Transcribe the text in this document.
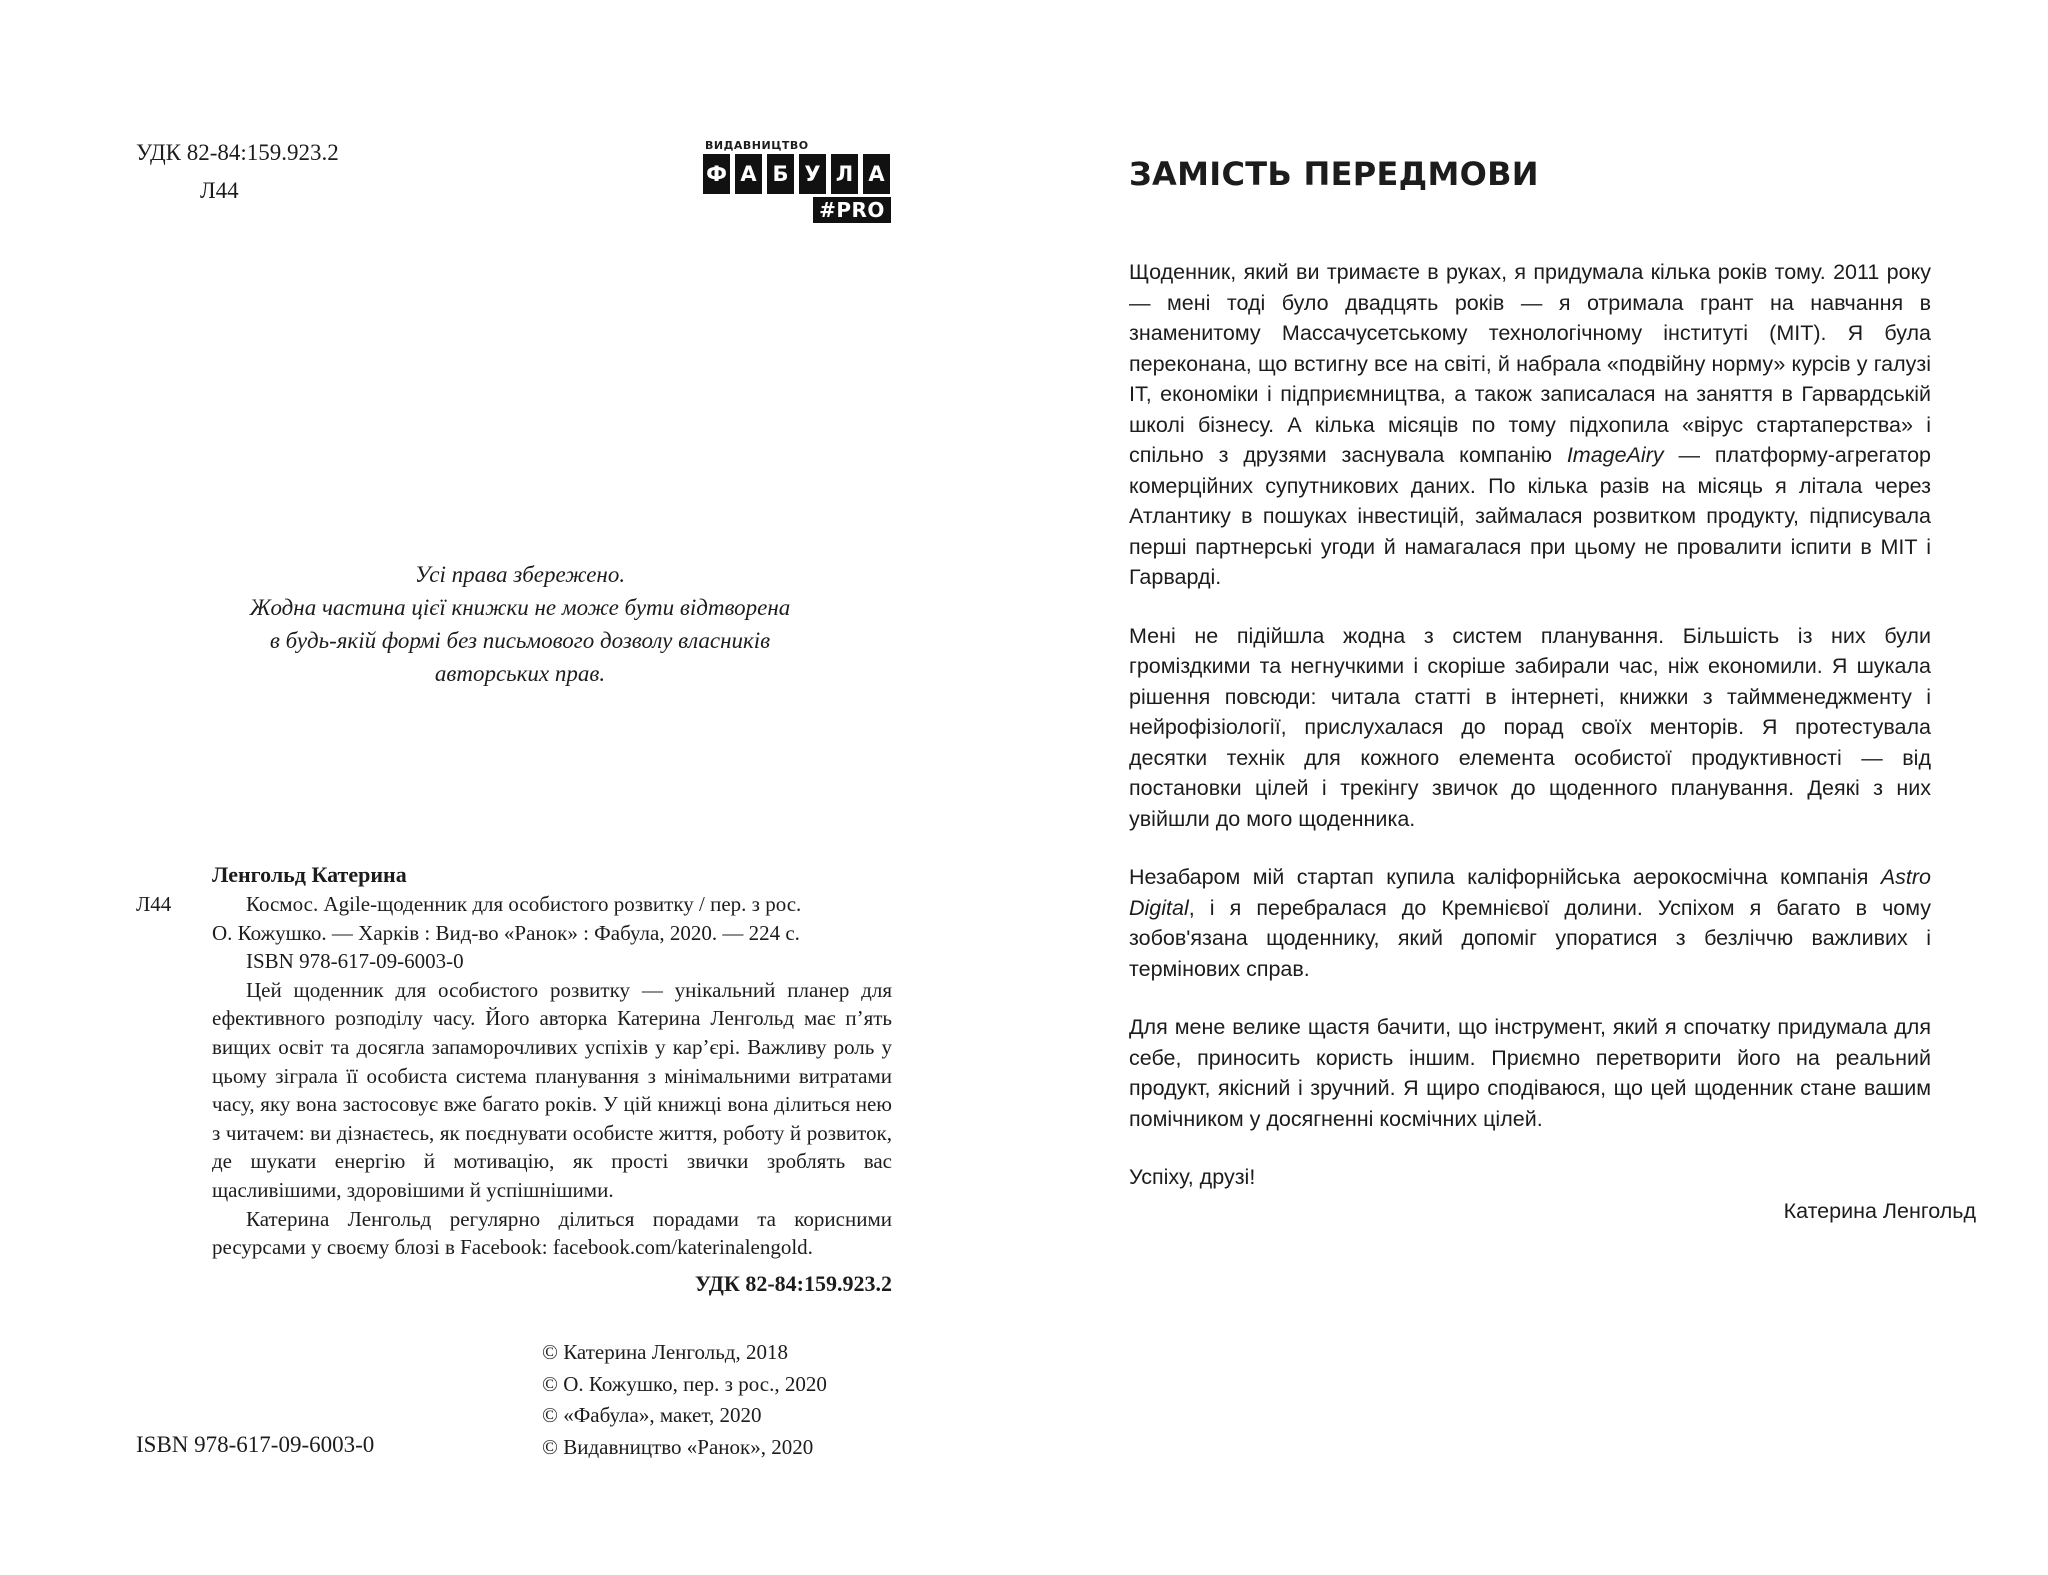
УДК 82-84:159.923.2
Л44
ВИДАВНИЦТВО
Ф А Б У Л А
#PRO
Усі права збережено.
Жодна частина цієї книжки не може бути відтворена
в будь-якій формі без письмового дозволу власників
авторських прав.
Ленгольд Катерина
Л44	Космос. Agile-щоденник для особистого розвитку / пер. з рос.
О. Кожушко. — Харків : Вид-во «Ранок» : Фабула, 2020. — 224 с.
ISBN 978-617-09-6003-0
Цей щоденник для особистого розвитку — унікальний планер для ефективного розподілу часу. Його авторка Катерина Ленгольд має п’ять вищих освіт та досягла запаморочливих успіхів у кар’єрі. Важливу роль у цьому зіграла її особиста система планування з мінімальними витратами часу, яку вона застосовує вже багато років. У цій книжці вона ділиться нею з читачем: ви дізнаєтесь, як поєднувати особисте життя, роботу й розвиток, де шукати енергію й мотивацію, як прості звички зроблять вас щасливішими, здоровішими й успішнішими.
Катерина Ленгольд регулярно ділиться порадами та корисними ресурсами у своєму блозі в Facebook: facebook.com/katerinalengold.
УДК 82-84:159.923.2
© Катерина Ленгольд, 2018
© О. Кожушко, пер. з рос., 2020
© «Фабула», макет, 2020
© Видавництво «Ранок», 2020
ISBN 978-617-09-6003-0
ЗАМІСТЬ ПЕРЕДМОВИ

Щоденник, який ви тримаєте в руках, я придумала кілька років тому. 2011 року — мені тоді було двадцять років — я отримала грант на навчання в знаменитому Массачусетському технологічному інституті (МІТ). Я була переконана, що встигну все на світі, й набрала «подвійну норму» курсів у галузі ІТ, економіки і підприємництва, а також записалася на заняття в Гарвардській школі бізнесу. А кілька місяців по тому підхопила «вірус стартаперства» і спільно з друзями заснувала компанію ImageAiry — платформу-агрегатор комерційних супутникових даних. По кілька разів на місяць я літала через Атлантику в пошуках інвестицій, займалася розвитком продукту, підписувала перші партнерські угоди й намагалася при цьому не провалити іспити в МІТ і Гарварді.

Мені не підійшла жодна з систем планування. Більшість із них були громіздкими та негнучкими і скоріше забирали час, ніж економили. Я шукала рішення повсюди: читала статті в інтернеті, книжки з таймменеджменту і нейрофізіології, прислухалася до порад своїх менторів. Я протестувала десятки технік для кожного елемента особистої продуктивності — від постановки цілей і трекінгу звичок до щоденного планування. Деякі з них увійшли до мого щоденника.

Незабаром мій стартап купила каліфорнійська аерокосмічна компанія Astro Digital, і я перебралася до Кремнієвої долини. Успіхом я багато в чому зобов'язана щоденнику, який допоміг упоратися з безліччю важливих і термінових справ.

Для мене велике щастя бачити, що інструмент, який я спочатку придумала для себе, приносить користь іншим. Приємно перетворити його на реальний продукт, якісний і зручний. Я щиро сподіваюся, що цей щоденник стане вашим помічником у досягненні космічних цілей.

Успіху, друзі!

Катерина Ленгольд
